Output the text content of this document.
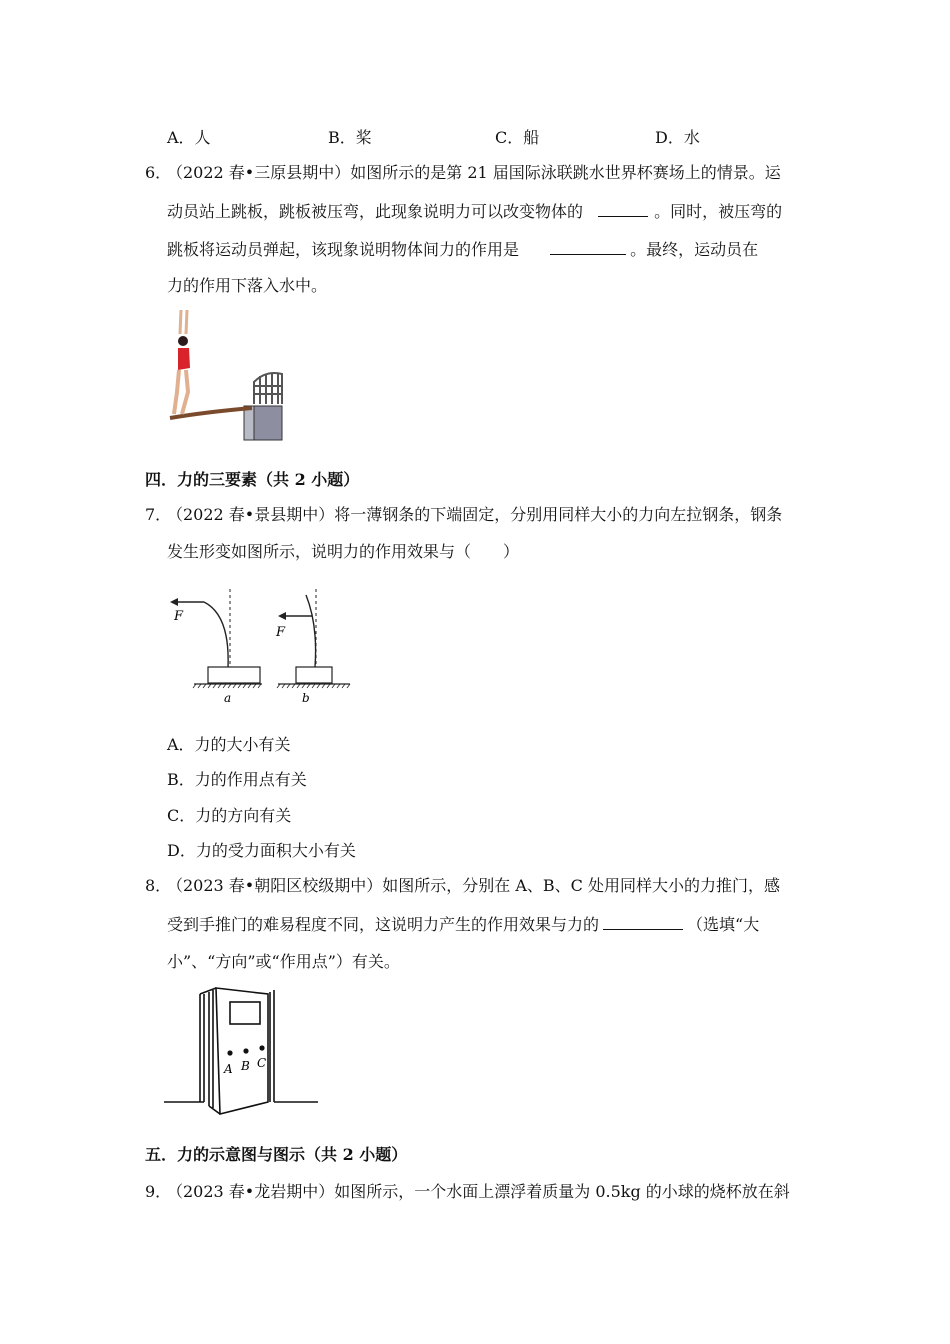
A．人	B．桨	C．船	D．水
6．
（2022 春•三原县期中）如图所示的是第 21 届国际泳联跳水世界杯赛场上的情景。运
动员站上跳板，跳板被压弯，此现象说明力可以改变物体的	。同时，被压弯的
跳板将运动员弹起，该现象说明物体间力的作用是	。最终，运动员在
力的作用下落入水中。
四．力的三要素（共 2 小题）
7．
（2022 春•景县期中）将一薄钢条的下端固定，分别用同样大小的力向左拉钢条，钢条
发生形变如图所示，说明力的作用效果与（　　）
F
a
F
b
A．力的大小有关
B．力的作用点有关
C．力的方向有关
D．力的受力面积大小有关
8．
（2023 春•朝阳区校级期中）如图所示，分别在 A、B、C 处用同样大小的力推门，感
受到手推门的难易程度不同，这说明力产生的作用效果与力的	（选填“大
小”、“方向”或“作用点”）有关。
A B C
五．力的示意图与图示（共 2 小题）
9．
（2023 春•龙岩期中）如图所示，一个水面上漂浮着质量为 0.5kg 的小球的烧杯放在斜
